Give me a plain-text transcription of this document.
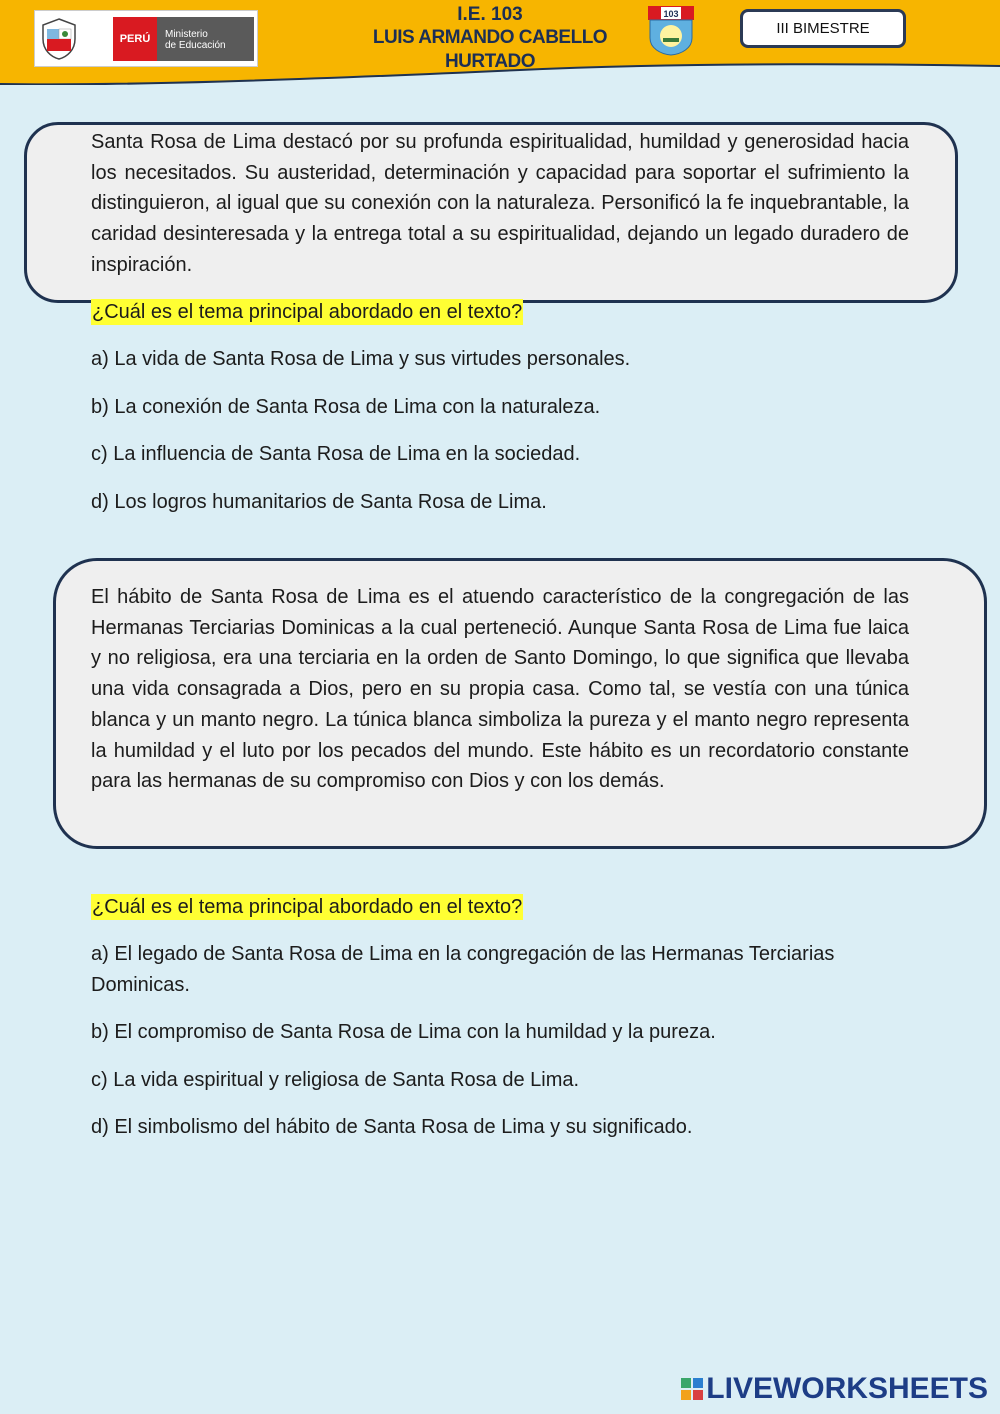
PERÚ	Ministerio
de Educación
I.E. 103
LUIS ARMANDO CABELLO HURTADO
103
III BIMESTRE

Santa Rosa de Lima destacó por su profunda espiritualidad, humildad y generosidad hacia los necesitados. Su austeridad, determinación y capacidad para soportar el sufrimiento la distinguieron, al igual que su conexión con la naturaleza. Personificó la fe inquebrantable, la caridad desinteresada y la entrega total a su espiritualidad, dejando un legado duradero de inspiración.

¿Cuál es el tema principal abordado en el texto?

a) La vida de Santa Rosa de Lima y sus virtudes personales.

b) La conexión de Santa Rosa de Lima con la naturaleza.

c) La influencia de Santa Rosa de Lima en la sociedad.

d) Los logros humanitarios de Santa Rosa de Lima.

El hábito de Santa Rosa de Lima es el atuendo característico de la congregación de las Hermanas Terciarias Dominicas a la cual perteneció. Aunque Santa Rosa de Lima fue laica y no religiosa, era una terciaria en la orden de Santo Domingo, lo que significa que llevaba una vida consagrada a Dios, pero en su propia casa. Como tal, se vestía con una túnica blanca y un manto negro. La túnica blanca simboliza la pureza y el manto negro representa la humildad y el luto por los pecados del mundo. Este hábito es un recordatorio constante para las hermanas de su compromiso con Dios y con los demás.

¿Cuál es el tema principal abordado en el texto?

a) El legado de Santa Rosa de Lima en la congregación de las Hermanas Terciarias Dominicas.

b) El compromiso de Santa Rosa de Lima con la humildad y la pureza.

c) La vida espiritual y religiosa de Santa Rosa de Lima.

d) El simbolismo del hábito de Santa Rosa de Lima y su significado.

LIVEWORKSHEETS
